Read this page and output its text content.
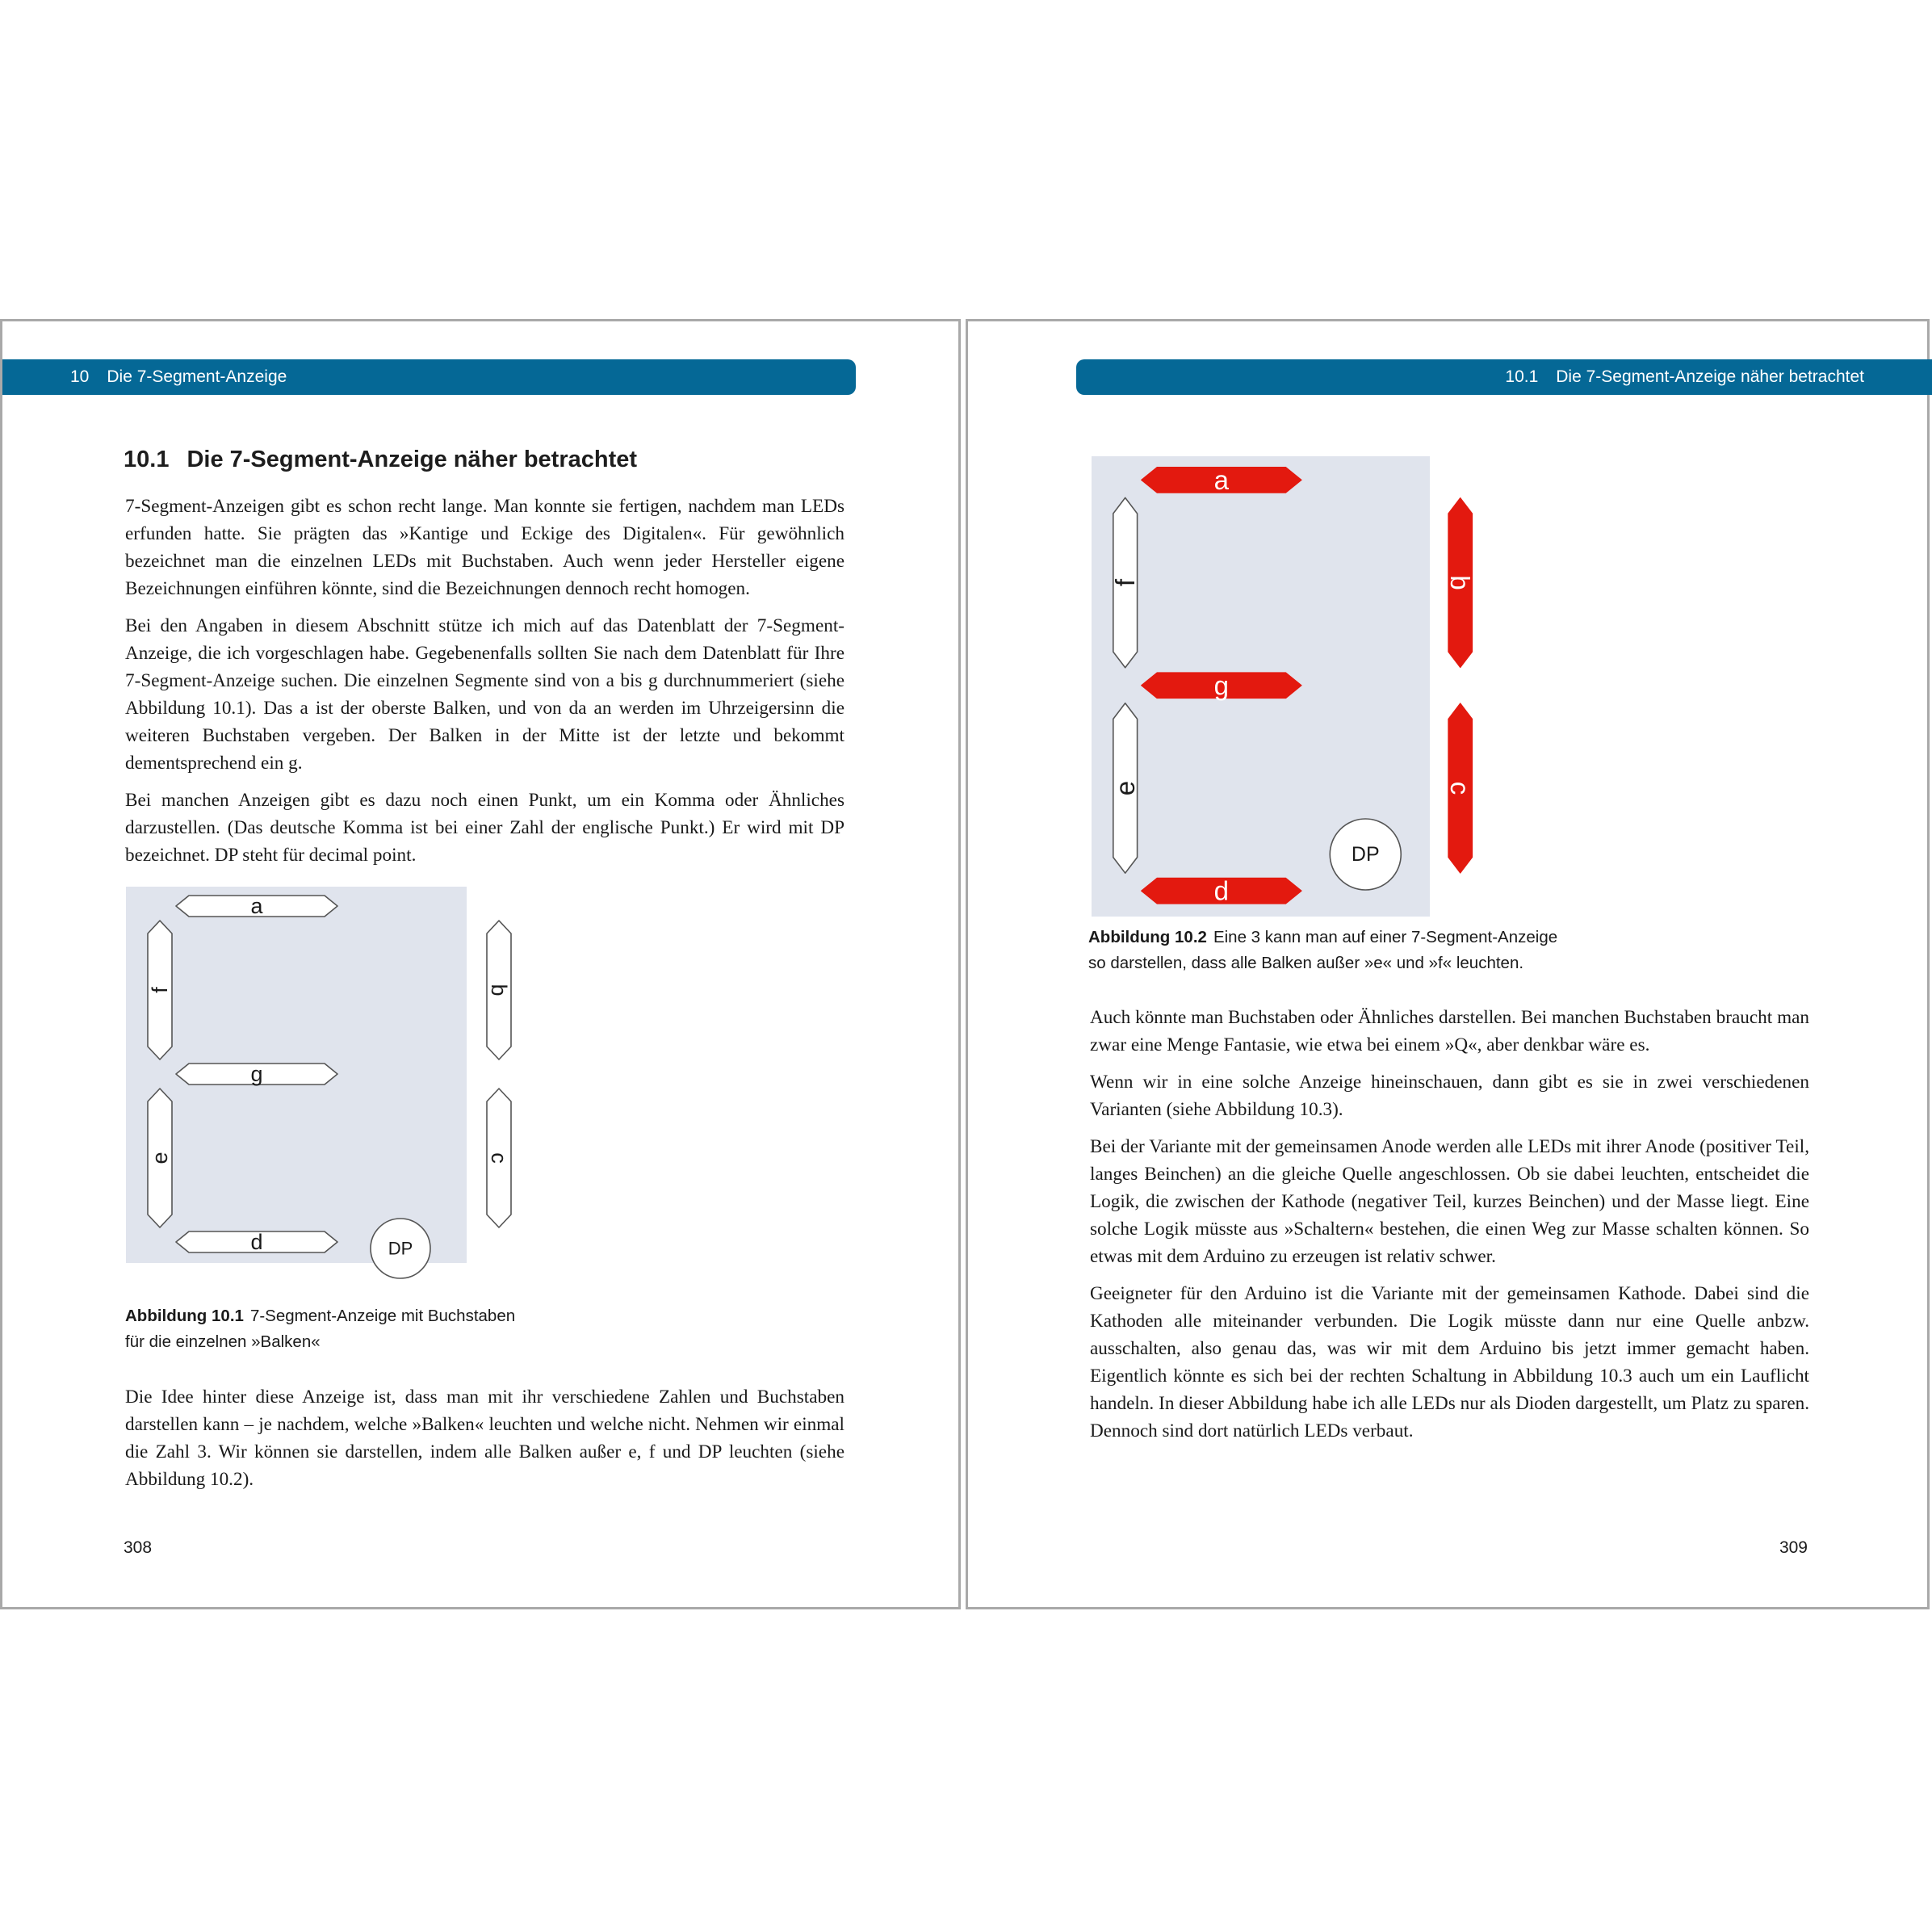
10 Die 7-Segment-Anzeige
10.1 Die 7-Segment-Anzeige näher betrachtet

7-Segment-Anzeigen gibt es schon recht lange. Man konnte sie fertigen, nachdem man LEDs erfunden hatte. Sie prägten das »Kantige und Eckige des Digitalen«. Für gewöhnlich bezeichnet man die einzelnen LEDs mit Buchstaben. Auch wenn jeder Hersteller eigene Bezeichnungen einführen könnte, sind die Bezeichnungen dennoch recht homogen.

Bei den Angaben in diesem Abschnitt stütze ich mich auf das Datenblatt der 7-Segment-Anzeige, die ich vorgeschlagen habe. Gegebenenfalls sollten Sie nach dem Datenblatt für Ihre 7-Segment-Anzeige suchen. Die einzelnen Segmente sind von a bis g durchnummeriert (siehe Abbildung 10.1). Das a ist der oberste Balken, und von da an werden im Uhrzeigersinn die weiteren Buchstaben vergeben. Der Balken in der Mitte ist der letzte und bekommt dementsprechend ein g.

Bei manchen Anzeigen gibt es dazu noch einen Punkt, um ein Komma oder Ähnliches darzustellen. (Das deutsche Komma ist bei einer Zahl der englische Punkt.) Er wird mit DP bezeichnet. DP steht für decimal point.

a
b
c
d
e
f
g
DP
Abbildung 10.1 7-Segment-Anzeige mit Buchstaben
für die einzelnen »Balken«

Die Idee hinter diese Anzeige ist, dass man mit ihr verschiedene Zahlen und Buchstaben darstellen kann – je nachdem, welche »Balken« leuchten und welche nicht. Nehmen wir einmal die Zahl 3. Wir können sie darstellen, indem alle Balken außer e, f und DP leuchten (siehe Abbildung 10.2).

308
10.1 Die 7-Segment-Anzeige näher betrachtet
a
b
c
d
e
f
g
DP
Abbildung 10.2 Eine 3 kann man auf einer 7-Segment-Anzeige
so darstellen, dass alle Balken außer »e« und »f« leuchten.

Auch könnte man Buchstaben oder Ähnliches darstellen. Bei manchen Buchstaben braucht man zwar eine Menge Fantasie, wie etwa bei einem »Q«, aber denkbar wäre es.

Wenn wir in eine solche Anzeige hineinschauen, dann gibt es sie in zwei verschiedenen Varianten (siehe Abbildung 10.3).

Bei der Variante mit der gemeinsamen Anode werden alle LEDs mit ihrer Anode (positiver Teil, langes Beinchen) an die gleiche Quelle angeschlossen. Ob sie dabei leuchten, entscheidet die Logik, die zwischen der Kathode (negativer Teil, kurzes Beinchen) und der Masse liegt. Eine solche Logik müsste aus »Schaltern« bestehen, die einen Weg zur Masse schalten können. So etwas mit dem Arduino zu erzeugen ist relativ schwer.

Geeigneter für den Arduino ist die Variante mit der gemeinsamen Kathode. Dabei sind die Kathoden alle miteinander verbunden. Die Logik müsste dann nur eine Quelle anbzw. ausschalten, also genau das, was wir mit dem Arduino bis jetzt immer gemacht haben. Eigentlich könnte es sich bei der rechten Schaltung in Abbildung 10.3 auch um ein Lauflicht handeln. In dieser Abbildung habe ich alle LEDs nur als Dioden dargestellt, um Platz zu sparen. Dennoch sind dort natürlich LEDs verbaut.

309
